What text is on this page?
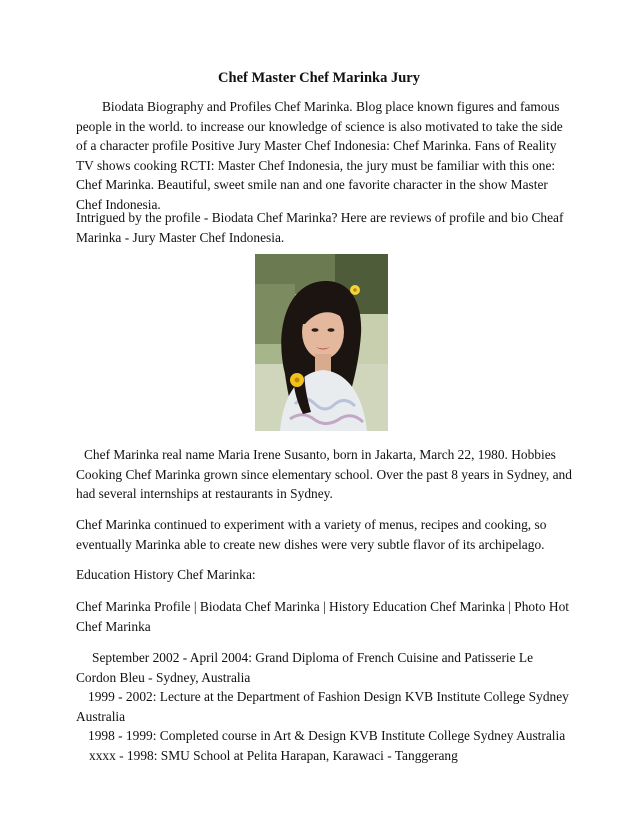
Chef Master Chef Marinka Jury

Biodata Biography and Profiles Chef Marinka. Blog place known figures and famous people in the world. to increase our knowledge of science is also motivated to take the side of a character profile Positive Jury Master Chef Indonesia: Chef Marinka. Fans of Reality TV shows cooking RCTI: Master Chef Indonesia, the jury must be familiar with this one: Chef Marinka. Beautiful, sweet smile nan and one favorite character in the show Master Chef Indonesia.

Intrigued by the profile - Biodata Chef Marinka? Here are reviews of profile and bio Cheaf Marinka - Jury Master Chef Indonesia.

Chef Marinka real name Maria Irene Susanto, born in Jakarta, March 22, 1980. Hobbies Cooking Chef Marinka grown since elementary school. Over the past 8 years in Sydney, and had several internships at restaurants in Sydney.

Chef Marinka continued to experiment with a variety of menus, recipes and cooking, so eventually Marinka able to create new dishes were very subtle flavor of its archipelago.

Education History Chef Marinka:

Chef Marinka Profile | Biodata Chef Marinka | History Education Chef Marinka | Photo Hot Chef Marinka

September 2002 - April 2004: Grand Diploma of French Cuisine and Patisserie Le Cordon Bleu - Sydney, Australia
1999 - 2002: Lecture at the Department of Fashion Design KVB Institute College Sydney Australia
1998 - 1999: Completed course in Art & Design KVB Institute College Sydney Australia
xxxx - 1998: SMU School at Pelita Harapan, Karawaci - Tanggerang
